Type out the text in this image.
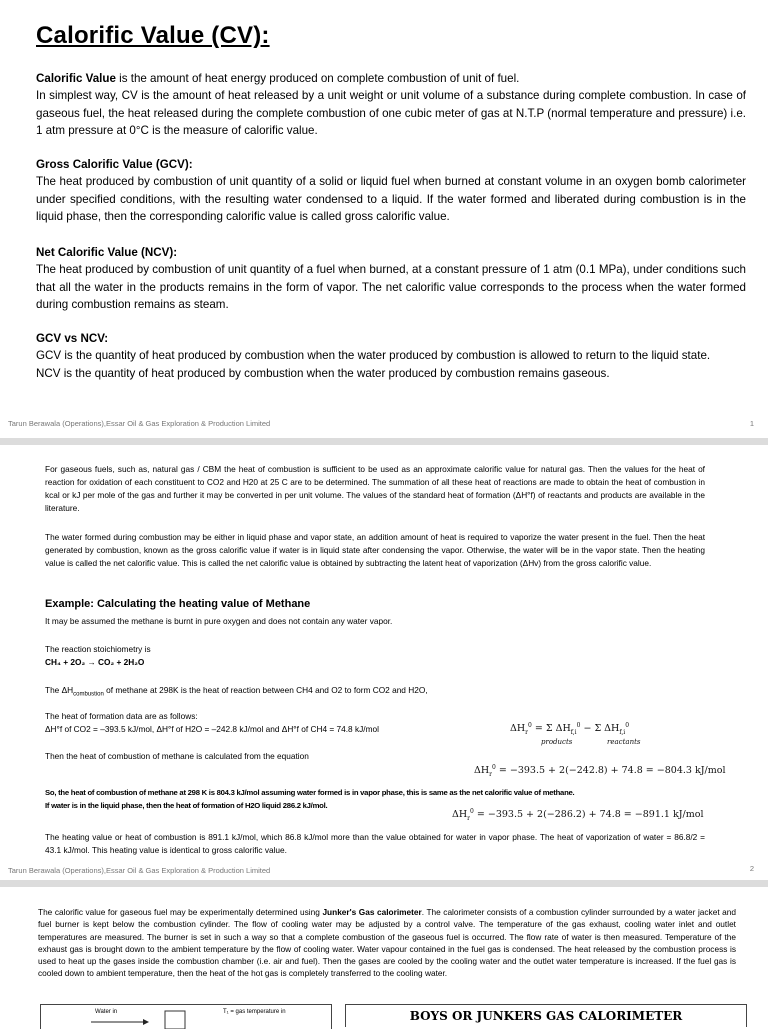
Calorific Value (CV):

Calorific Value is the amount of heat energy produced on complete combustion of unit of fuel.

In simplest way, CV is the amount of heat released by a unit weight or unit volume of a substance during complete combustion. In case of gaseous fuel, the heat released during the complete combustion of one cubic meter of gas at N.T.P (normal temperature and pressure) i.e. 1 atm pressure at 0°C is the measure of calorific value.

Gross Calorific Value (GCV):

The heat produced by combustion of unit quantity of a solid or liquid fuel when burned at constant volume in an oxygen bomb calorimeter under specified conditions, with the resulting water condensed to a liquid. If the water formed and liberated during combustion is in the liquid phase, then the corresponding calorific value is called gross calorific value.

Net Calorific Value (NCV):

The heat produced by combustion of unit quantity of a fuel when burned, at a constant pressure of 1 atm (0.1 MPa), under conditions such that all the water in the products remains in the form of vapor. The net calorific value corresponds to the process when the water formed during combustion remains as steam.

GCV vs NCV:

GCV is the quantity of heat produced by combustion when the water produced by combustion is allowed to return to the liquid state.

NCV is the quantity of heat produced by combustion when the water produced by combustion remains gaseous.

Tarun Berawala (Operations),Essar Oil & Gas Exploration & Production Limited	1
For gaseous fuels, such as, natural gas / CBM the heat of combustion is sufficient to be used as an approximate calorific value for natural gas. Then the values for the heat of reaction for oxidation of each constituent to CO2 and H20 at 25 C are to be determined. The summation of all these heat of reactions are made to obtain the heat of combustion in kcal or kJ per mole of the gas and further it may be converted in per unit volume. The values of the standard heat of formation (ΔH°f) of reactants and products are available in the literature.
The water formed during combustion may be either in liquid phase and vapor state, an addition amount of heat is required to vaporize the water present in the fuel. Then the heat generated by combustion, known as the gross calorific value if water is in liquid state after condensing the vapor. Otherwise, the water will be in the vapor state. Then the heating value is called the net calorific value. This is called the net calorific value is obtained by subtracting the latent heat of vaporization (ΔHv) from the gross calorific value.
Example: Calculating the heating value of Methane
It may be assumed the methane is burnt in pure oxygen and does not contain any water vapor.
The reaction stoichiometry is
CH₄ + 2O₂ → CO₂ + 2H₂O
The $\Delta H_{combustion}$ of methane at 298K is the heat of reaction between CH4 and O2 to form CO2 and H2O,
The heat of formation data are as follows:
ΔH°f of CO2 = –393.5 kJ/mol, ΔH°f of H2O = –242.8 kJ/mol and ΔH°f of CH4 = 74.8 kJ/mol
Then the heat of combustion of methane is calculated from the equation
$\Delta H_r^0 = \Sigma$ $\Delta H_{f,i}^0 - \Sigma$ $\Delta H_{f,i}^0$
products	reactants
$\Delta H_r^0 = -393.5 + 2(-242.8) + 74.8 = -804.3$ kJ/mol
So, the heat of combustion of methane at 298 K is 804.3 kJ/mol assuming water formed is in vapor phase, this is same as the net calorific value of methane.
If water is in the liquid phase, then the heat of formation of H2O liquid 286.2 kJ/mol.
$\Delta H_r^0 = -393.5 + 2(-286.2) + 74.8 = -891.1$ kJ/mol
The heating value or heat of combustion is 891.1 kJ/mol, which 86.8 kJ/mol more than the value obtained for water in vapor phase. The heat of vaporization of water = 86.8/2 = 43.1 kJ/mol. This heating value is identical to gross calorific value.
Tarun Berawala (Operations),Essar Oil & Gas Exploration & Production Limited	2
The calorific value for gaseous fuel may be experimentally determined using Junker's Gas calorimeter. The calorimeter consists of a combustion cylinder surrounded by a water jacket and fuel burner is kept below the combustion cylinder. The flow of cooling water may be adjusted by a control valve. The temperature of the gas exhaust, cooling water inlet and outlet temperatures are measured. The burner is set in such a way so that a complete combustion of the gaseous fuel is occurred. The flow rate of water is then measured. Temperature of the exhaust gas is brought down to the ambient temperature by the flow of cooling water. Water vapour contained in the fuel gas is condensed. The heat released by the combustion process is used to heat up the gases inside the combustion chamber (i.e. air and fuel). Then the gases are cooled by the cooling water and the outlet water temperature is increased. If the fuel gas is cooled down to ambient temperature, then the heat of the hot gas is completely transferred to the cooling water.
Water in	T₁ = gas temperature in	BOYS OR JUNKERS GAS CALORIMETER
